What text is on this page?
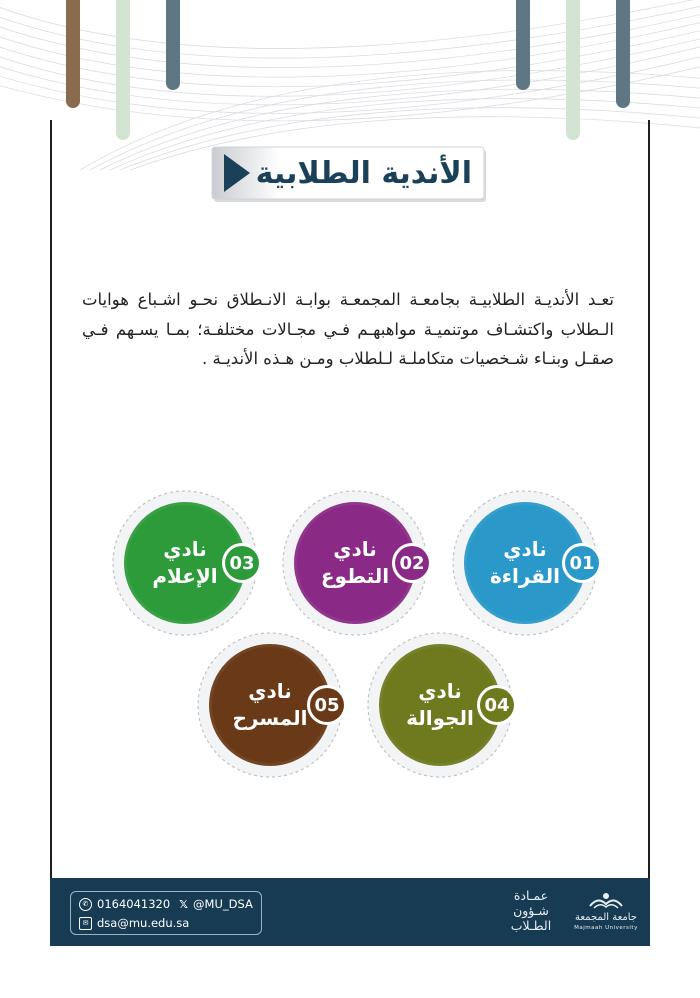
الأندية الطلابية
تعـد الأنديـة الطلابيـة بجامعـة المجمعـة بوابـة الانـطلاق نحـو اشـباع هوايات الـطلاب واكتشـاف موتنميـة مواهبهـم فـي مجـالات مختلفـة؛ بمـا يسـهم فـي صقـل وبنـاء شـخصيات متكاملـة لـلطلاب ومـن هـذه الأنديـة .
نادي
القراءة
01
نادي
التطوع
02
نادي
الإعلام
03
نادي
الجوالة
04
نادي
المسرح
05
✆ 0164041320 𝕏 @MU_DSA
✉ dsa@mu.edu.sa
عمـادة
شـؤون
الطـلاب
جامعة المجمعة
Majmaah University
